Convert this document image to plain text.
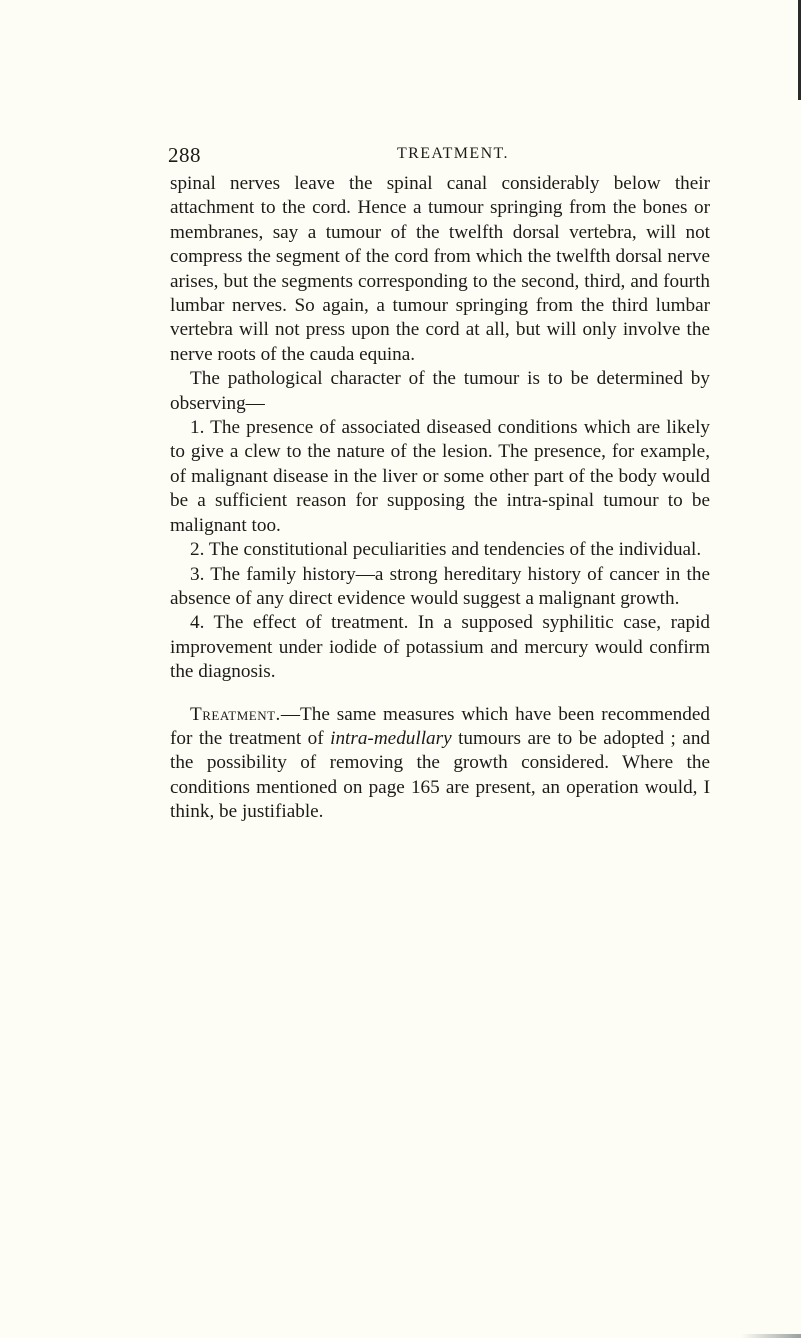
288	TREATMENT.

spinal nerves leave the spinal canal considerably below their attachment to the cord. Hence a tumour springing from the bones or membranes, say a tumour of the twelfth dorsal vertebra, will not compress the segment of the cord from which the twelfth dorsal nerve arises, but the segments corresponding to the second, third, and fourth lumbar nerves. So again, a tumour springing from the third lumbar vertebra will not press upon the cord at all, but will only involve the nerve roots of the cauda equina.

The pathological character of the tumour is to be determined by observing—

1. The presence of associated diseased conditions which are likely to give a clew to the nature of the lesion. The presence, for example, of malignant disease in the liver or some other part of the body would be a sufficient reason for supposing the intra-spinal tumour to be malignant too.

2. The constitutional peculiarities and tendencies of the individual.

3. The family history—a strong hereditary history of cancer in the absence of any direct evidence would suggest a malignant growth.

4. The effect of treatment. In a supposed syphilitic case, rapid improvement under iodide of potassium and mercury would confirm the diagnosis.

Treatment.—The same measures which have been recommended for the treatment of intra-medullary tumours are to be adopted ; and the possibility of removing the growth considered. Where the conditions mentioned on page 165 are present, an operation would, I think, be justifiable.
